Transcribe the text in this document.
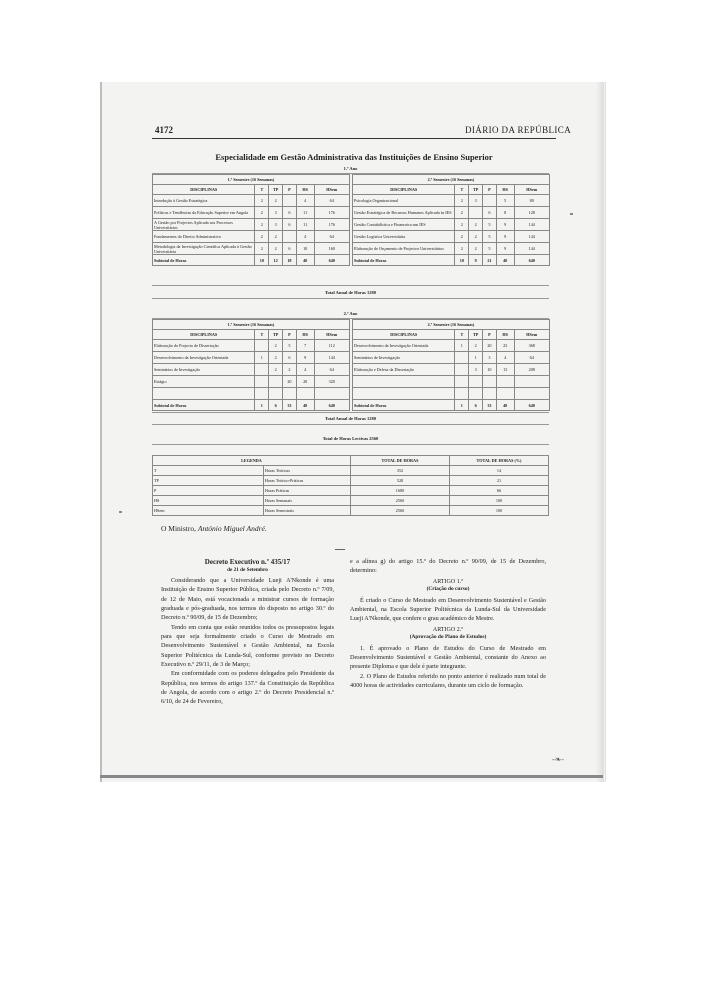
4172	DIÁRIO DA REPÚBLICA
Especialidade em Gestão Administrativa das Instituições de Ensino Superior
1.º Ano
1.º Semestre (16 Semanas)					
DISCIPLINAS	T	TP	P	HS	HSem
Introdução à Gestão Estratégica	2	2		4	64
Políticas e Tendências da Educação Superior em Angola	2	3	6	11	176
A Gestão por Projectos Aplicada aos Processos Universitários	2	3	6	11	176
Fundamentos do Direito Administrativo	2	2		4	64
Metodologia da Investigação Científica Aplicada à Gestão Universitária	2	2	6	10	160
Subtotal de Horas	10	12	18	40	640
2.º Semestre (16 Semanas)					
DISCIPLINAS	T	TP	P	HS	HSem
Psicologia Organizacional	2	3		5	80
Gestão Estratégica de Recursos Humanos Aplicada às IES	2		6	8	128
Gestão Contabilística e Financeira nas IES	2	2	5	9	144
Gestão Logística Universitária	2	2	5	9	144
Elaboração de Orçamento de Projectos Universitários	2	2	5	9	144
Subtotal de Horas	10	9	21	40	640
Total Anual de Horas 1280
2.º Ano
1.º Semestre (16 Semanas)					
DISCIPLINAS	T	TP	P	HS	HSem
Elaboração do Projecto de Dissertação		2	5	7	112
Desenvolvimento da Investigação Orientada	1	2	6	9	144
Seminários de Investigação		2	2	4	64
Estágio			20	20	320

Subtotal de Horas	1	6	33	40	640
2.º Semestre (16 Semanas)					
DISCIPLINAS	T	TP	P	HS	HSem
Desenvolvimento da Investigação Orientada	1	2	20	23	368
Seminários de Investigação		1	3	4	64
Elaboração e Defesa da Dissertação		3	10	13	208

Subtotal de Horas	1	6	33	40	640
Total Anual de Horas 1280
Total de Horas Lectivas 2560
LEGENDA		TOTAL DE HORAS	TOTAL DE HORAS (%)
T	Horas Teóricas	352	14
TP	Horas Teórico-Práticas	528	21
P	Horas Práticas	1680	66
HS	Horas Semanais	2560	100
HSem	Horas Semestrais	2560	100
O Ministro, António Miguel André.
Decreto Executivo n.º 435/17
de 21 de Setembro

Considerando que a Universidade Lueji A'Nkonde é uma Instituição de Ensino Superior Pública, criada pelo Decreto n.º 7/09, de 12 de Maio, está vocacionada a ministrar cursos de formação graduada e pós-graduada, nos termos do disposto no artigo 30.º do Decreto n.º 90/09, de 15 de Dezembro;

Tendo em conta que estão reunidos todos os pressupostos legais para que seja formalmente criado o Curso de Mestrado em Desenvolvimento Sustentável e Gestão Ambiental, na Escola Superior Politécnica da Lunda-Sul, conforme previsto no Decreto Executivo n.º 29/11, de 3 de Março;

Em conformidade com os poderes delegados pelo Presidente da República, nos termos do artigo 137.º da Constituição da República de Angola, de acordo com o artigo 2.º do Decreto Presidencial n.º 6/10, de 24 de Fevereiro,

e a alínea g) do artigo 15.º do Decreto n.º 90/09, de 15 de Dezembro, determino:

ARTIGO 1.º
(Criação do curso)

É criado o Curso de Mestrado em Desenvolvimento Sustentável e Gestão Ambiental, na Escola Superior Politécnica da Lunda-Sul da Universidade Lueji A'Nkonde, que confere o grau académico de Mestre.

ARTIGO 2.º
(Aprovação do Plano de Estudos)

1. É aprovado o Plano de Estudos do Curso de Mestrado em Desenvolvimento Sustentável e Gestão Ambiental, constante do Anexo ao presente Diploma e que dele é parte integrante.

2. O Plano de Estudos referido no ponto anterior é realizado num total de 4000 horas de actividades curriculares, durante um ciclo de formação.

-❧-
